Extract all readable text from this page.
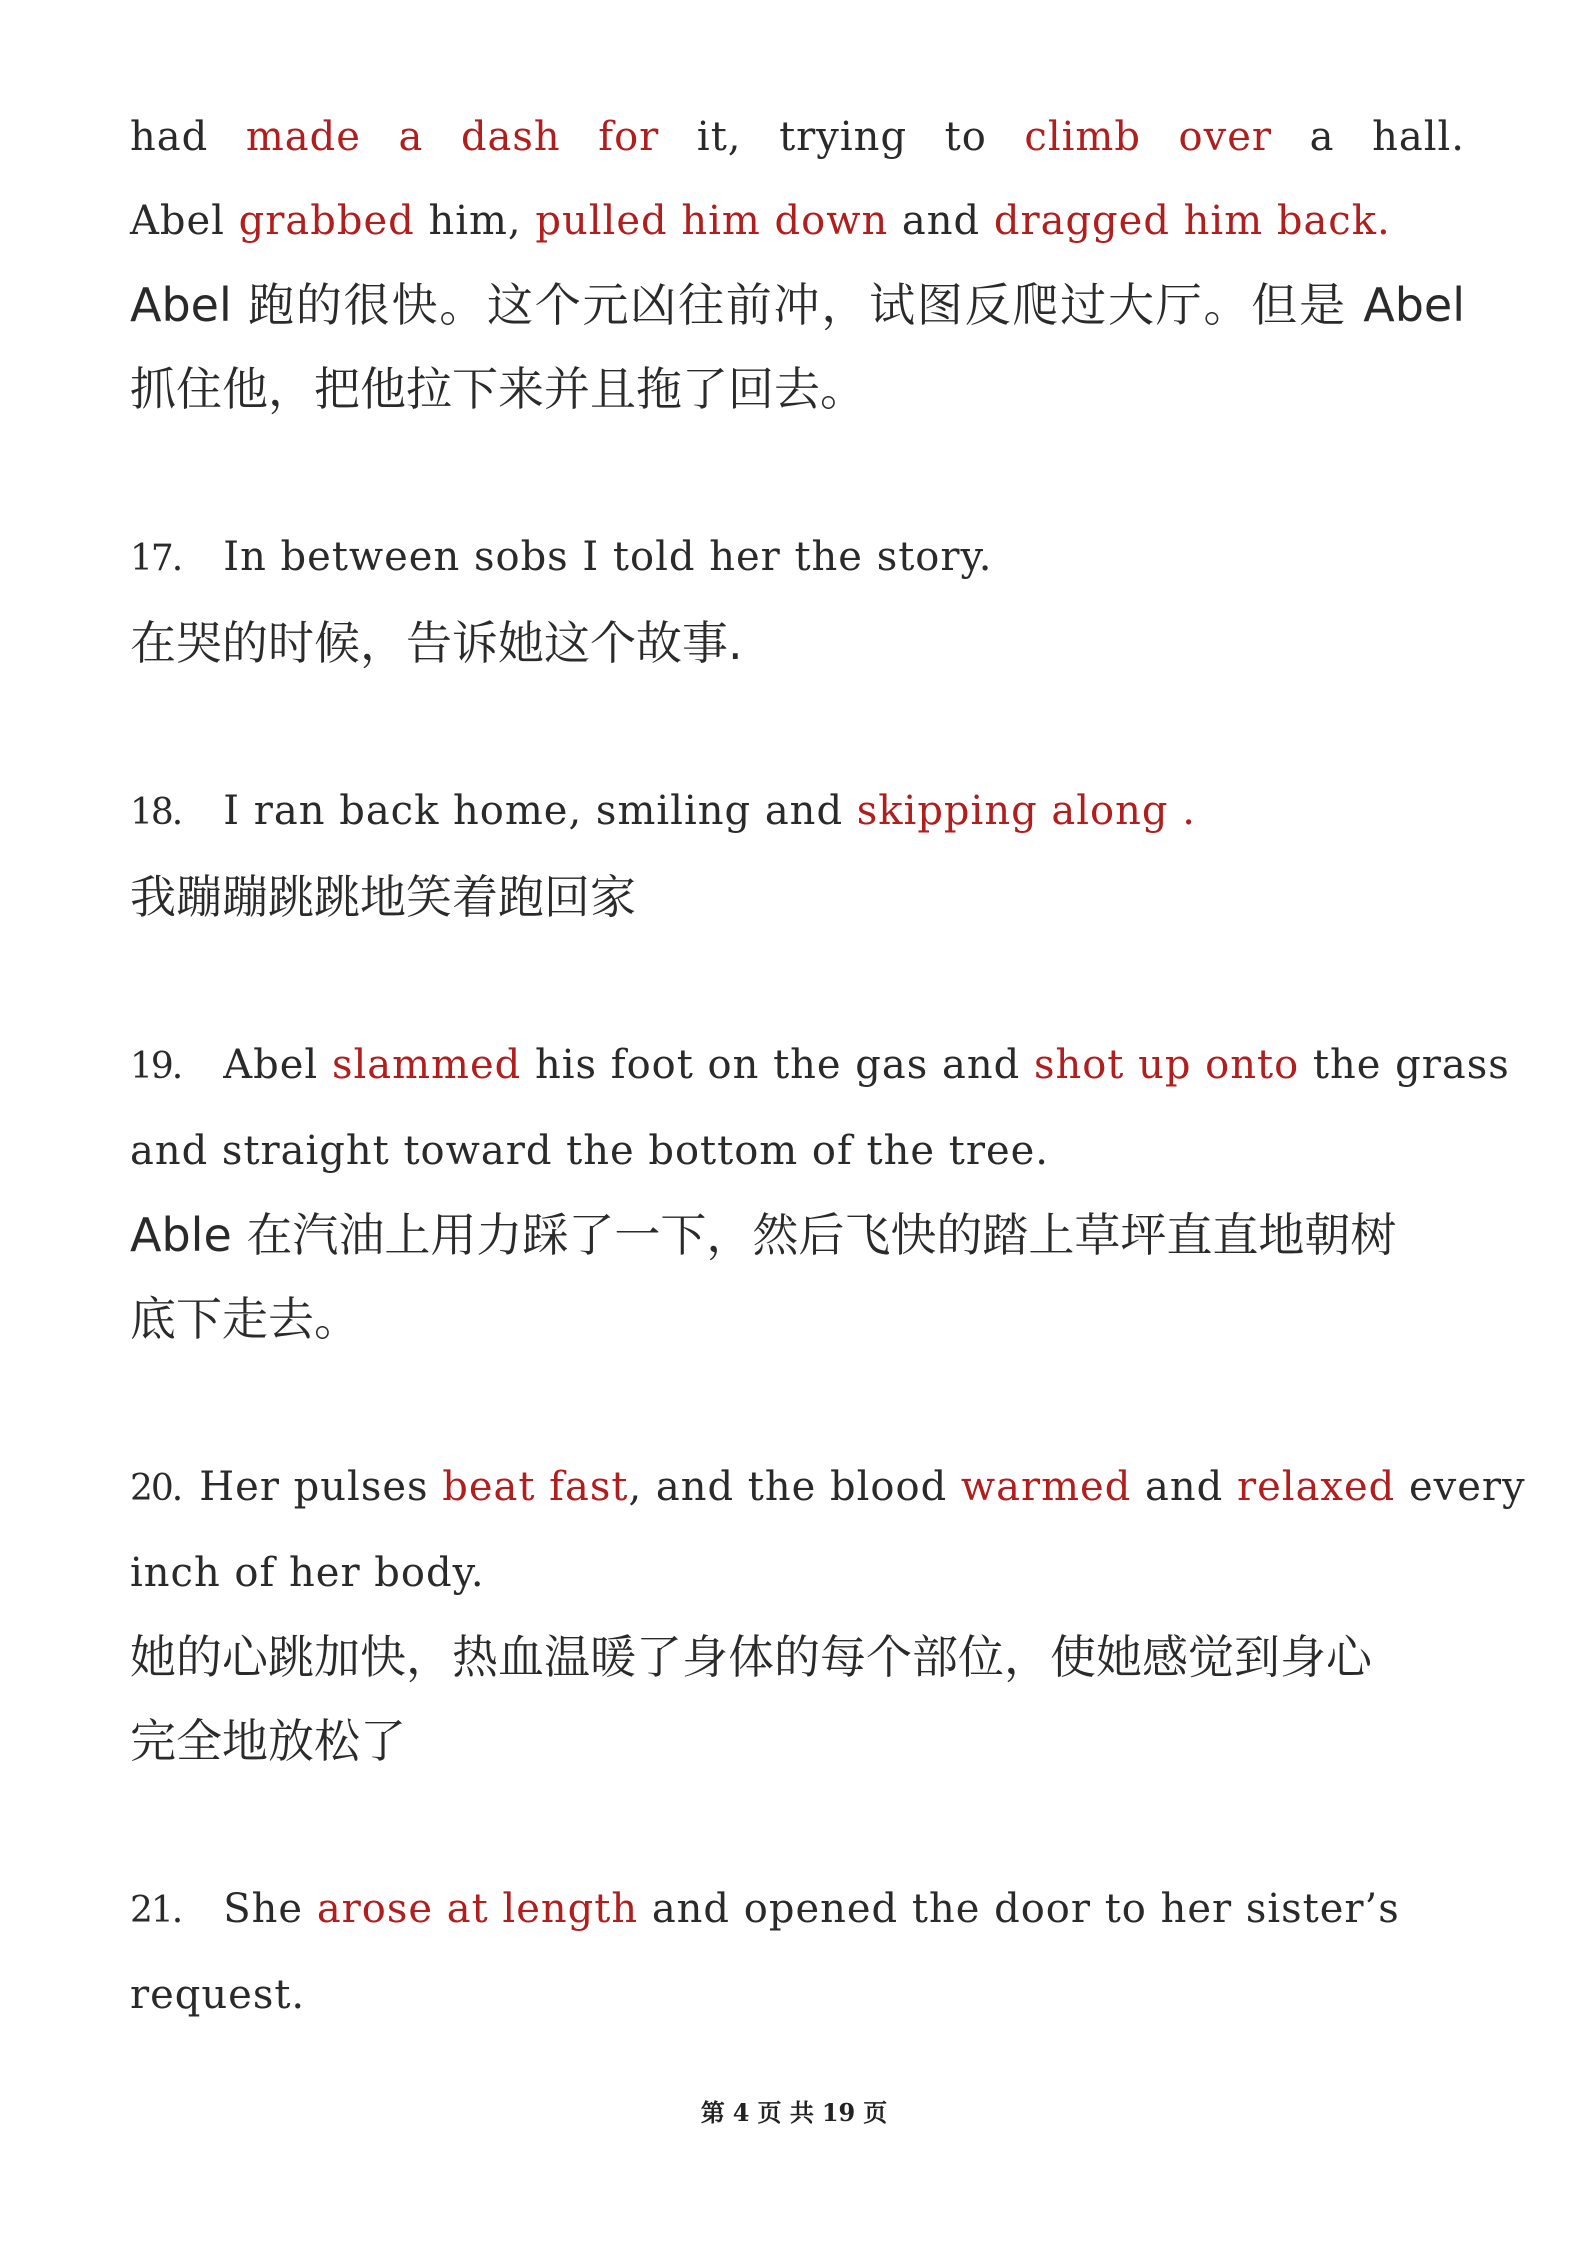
had made a dash for it, trying to climb over a hall.

Abel grabbed him, pulled him down and dragged him back.

Abel 跑的很快。这个元凶往前冲，试图反爬过大厅。但是 Abel

抓住他，把他拉下来并且拖了回去。

17. In between sobs I told her the story.

在哭的时候，告诉她这个故事.

18. I ran back home, smiling and skipping along .

我蹦蹦跳跳地笑着跑回家

19. Abel slammed his foot on the gas and shot up onto the grass

and straight toward the bottom of the tree.

Able 在汽油上用力踩了一下，然后飞快的踏上草坪直直地朝树

底下走去。

20. Her pulses beat fast, and the blood warmed and relaxed every

inch of her body.

她的心跳加快，热血温暖了身体的每个部位，使她感觉到身心

完全地放松了

21. She arose at length and opened the door to her sister’s

request.

第 4 页 共 19 页
